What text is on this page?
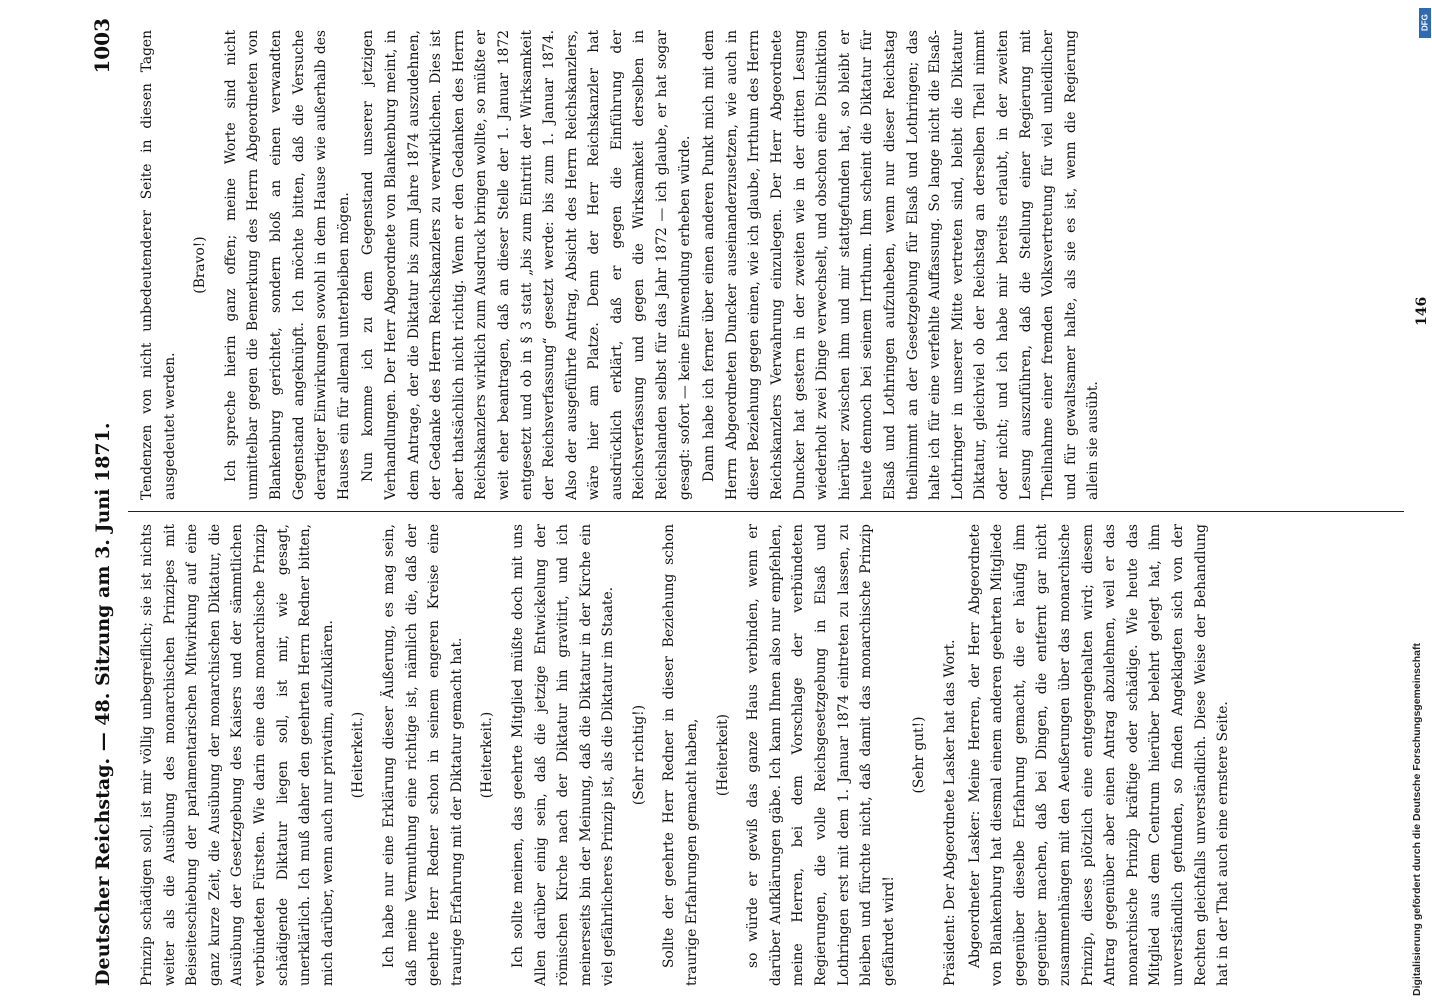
Deutscher Reichstag. — 48. Sitzung am 3. Juni 1871.
1003

Prinzip schädigen soll, ist mir völlig unbegreiflich; sie ist nichts weiter als die Ausübung des monarchischen Prinzipes mit Beiseiteschiebung der parlamentarischen Mitwirkung auf eine ganz kurze Zeit, die Ausübung der monarchischen Diktatur, die Ausübung der Gesetzgebung des Kaisers und der sämmtlichen verbündeten Fürsten. Wie darin eine das monarchische Prinzip schädigende Diktatur liegen soll, ist mir, wie gesagt, unerklärlich. Ich muß daher den geehrten Herrn Redner bitten, mich darüber, wenn auch nur privatim, aufzuklären. (Heiterkeit.) Ich habe nur eine Erklärung dieser Äußerung, es mag sein, daß meine Vermuthung eine richtige ist, nämlich die, daß der geehrte Herr Redner schon in seinem engeren Kreise eine traurige Erfahrung mit der Diktatur gemacht hat. (Heiterkeit.) Ich sollte meinen, das geehrte Mitglied müßte doch mit uns Allen darüber einig sein, daß die jetzige Entwickelung der römischen Kirche nach der Diktatur hin gravitirt, und ich meinerseits bin der Meinung, daß die Diktatur in der Kirche ein viel gefährlicheres Prinzip ist, als die Diktatur im Staate. (Sehr richtig!) Sollte der geehrte Herr Redner in dieser Beziehung schon traurige Erfahrungen gemacht haben, (Heiterkeit) so würde er gewiß das ganze Haus verbinden, wenn er darüber Aufklärungen gäbe. Ich kann Ihnen also nur empfehlen, meine Herren, bei dem Vorschlage der verbündeten Regierungen, die volle Reichsgesetzgebung in Elsaß und Lothringen erst mit dem 1. Januar 1874 eintreten zu lassen, zu bleiben und fürchte nicht, daß damit das monarchische Prinzip gefährdet wird!

(Sehr gut!) Präsident: Der Abgeordnete Lasker hat das Wort. Abgeordneter Lasker: Meine Herren, der Herr Abgeordnete von Blankenburg hat diesmal einem anderen geehrten Mitgliede gegenüber dieselbe Erfahrung gemacht, die er häufig ihm gegenüber machen, daß bei Dingen, die entfernt gar nicht zusammenhängen mit den Aeußerungen über das monarchische Prinzip, dieses plötzlich eine entgegengehalten wird; diesem Antrag gegenüber aber einen Antrag abzulehnen, weil er das monarchische Prinzip kräftige oder schädige. Wie heute das Mitglied aus dem Centrum hierüber belehrt gelegt hat, ihm unverständlich gefunden, so finden Angeklagten sich von der Rechten gleichfalls unverständlich. Diese Weise der Behandlung hat in der That auch eine ernstere Seite.

Tendenzen von nicht unbedeutenderer Seite in diesen Tagen ausgedeutet werden.

(Bravo!) Ich spreche hierin ganz offen; meine Worte sind nicht unmittelbar gegen die Bemerkung des Herrn Abgeordneten von Blankenburg gerichtet, sondern bloß an einen verwandten Gegenstand angeknüpft. Ich möchte bitten, daß die Versuche derartiger Einwirkungen sowohl in dem Hause wie außerhalb des Hauses ein für allemal unterbleiben mögen. Nun komme ich zu dem Gegenstand unserer jetzigen Verhandlungen. Der Herr Abgeordnete von Blankenburg meint, in dem Antrage, der die Diktatur bis zum Jahre 1874 auszudehnen, der Gedanke des Herrn Reichskanzlers zu verwirklichen. Dies ist aber thatsächlich nicht richtig. Wenn er den Gedanken des Herrn Reichskanzlers wirklich zum Ausdruck bringen wollte, so müßte er weit eher beantragen, daß an dieser Stelle der 1. Januar 1872 entgesetzt und ob in § 3 statt „bis zum Eintritt der Wirksamkeit der Reichsverfassung“ gesetzt werde: bis zum 1. Januar 1874. Also der ausgeführte Antrag, Absicht des Herrn Reichskanzlers, wäre hier am Platze. Denn der Herr Reichskanzler hat ausdrücklich erklärt, daß er gegen die Einführung der Reichsverfassung und gegen die Wirksamkeit derselben in Reichslanden selbst für das Jahr 1872 — ich glaube, er hat sogar gesagt: sofort — keine Einwendung erheben würde. Dann habe ich ferner über einen anderen Punkt mich mit dem Herrn Abgeordneten Duncker auseinanderzusetzen, wie auch in dieser Beziehung gegen einen, wie ich glaube, Irrthum des Herrn Reichskanzlers Verwahrung einzulegen. Der Herr Abgeordnete Duncker hat gestern in der zweiten wie in der dritten Lesung wiederholt zwei Dinge verwechselt, und obschon eine Distinktion hierüber zwischen ihm und mir stattgefunden hat, so bleibt er heute dennoch bei seinem Irrthum. Ihm scheint die Diktatur für Elsaß und Lothringen aufzuheben, wenn nur dieser Reichstag theilnimmt an der Gesetzgebung für Elsaß und Lothringen; das halte ich für eine verfehlte Auffassung. So lange nicht die Elsaß-Lothringer in unserer Mitte vertreten sind, bleibt die Diktatur Diktatur, gleichviel ob der Reichstag an derselben Theil nimmt oder nicht; und ich habe mir bereits erlaubt, in der zweiten Lesung auszuführen, daß die Stellung einer Regierung mit Theilnahme einer fremden Volksvertretung für viel unleidlicher und für gewaltsamer halte, als sie es ist, wenn die Regierung allein sie ausübt.

146
Digitalisierung gefördert durch die Deutsche Forschungsgemeinschaft
DFG
